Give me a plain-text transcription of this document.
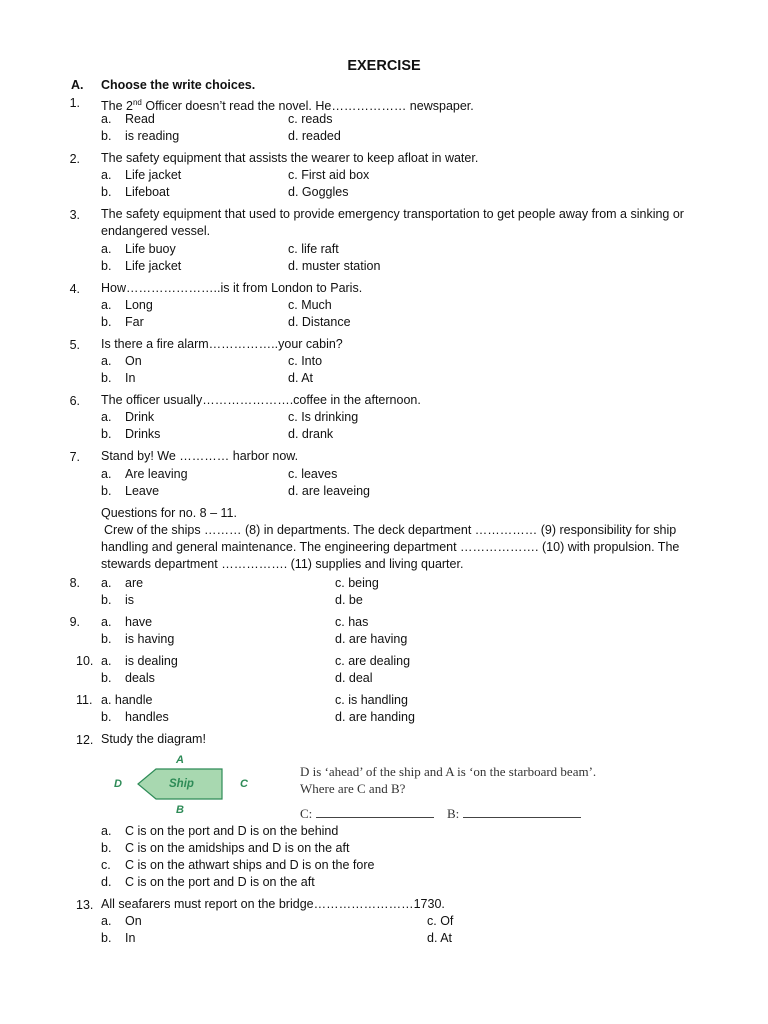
EXERCISE
A.	Choose the write choices.
1. The 2nd Officer doesn’t read the novel. He……………… newspaper.
a. Read
b. is reading
c. reads
d. readed
2. The safety equipment that assists the wearer to keep afloat in water.
a. Life jacket
b. Lifeboat
c. First aid box
d. Goggles
3. The safety equipment that used to provide emergency transportation to get people away from a sinking or endangered vessel.
a. Life buoy
b. Life jacket
c. life raft
d. muster station
4. How…………………..is it from London to Paris.
a. Long
b. Far
c. Much
d. Distance
5. Is there a fire alarm……………..your cabin?
a. On
b. In
c. Into
d. At
6. The officer usually………………….coffee in the afternoon.
a. Drink
b. Drinks
c. Is drinking
d. drank
7. Stand by! We ………… harbor now.
a. Are leaving
b. Leave
c. leaves
d. are leaveing
Questions for no. 8 – 11.
Crew of the ships ……… (8) in departments. The deck department …………… (9) responsibility for ship handling and general maintenance. The engineering department ………………. (10) with propulsion. The stewards department ……………. (11) supplies and living quarter.
8. a. are
b. is
c. being
d. be
9. a. have
b. is having
c. has
d. are having
10. a. is dealing
b. deals
c. are dealing
d. deal
11. a. handle
b. handles
c. is handling
d. are handing
12. Study the diagram!
A
B
D	C
Ship
D is ‘ahead’ of the ship and A is ‘on the starboard beam’. Where are C and B?
C:	B:
a. C is on the port and D is on the behind
b. C is on the amidships and D is on the aft
c. C is on the athwart ships and D is on the fore
d. C is on the port and D is on the aft
13. All seafarers must report on the bridge……………………1730.
a. On
b. In
c. Of
d. At
